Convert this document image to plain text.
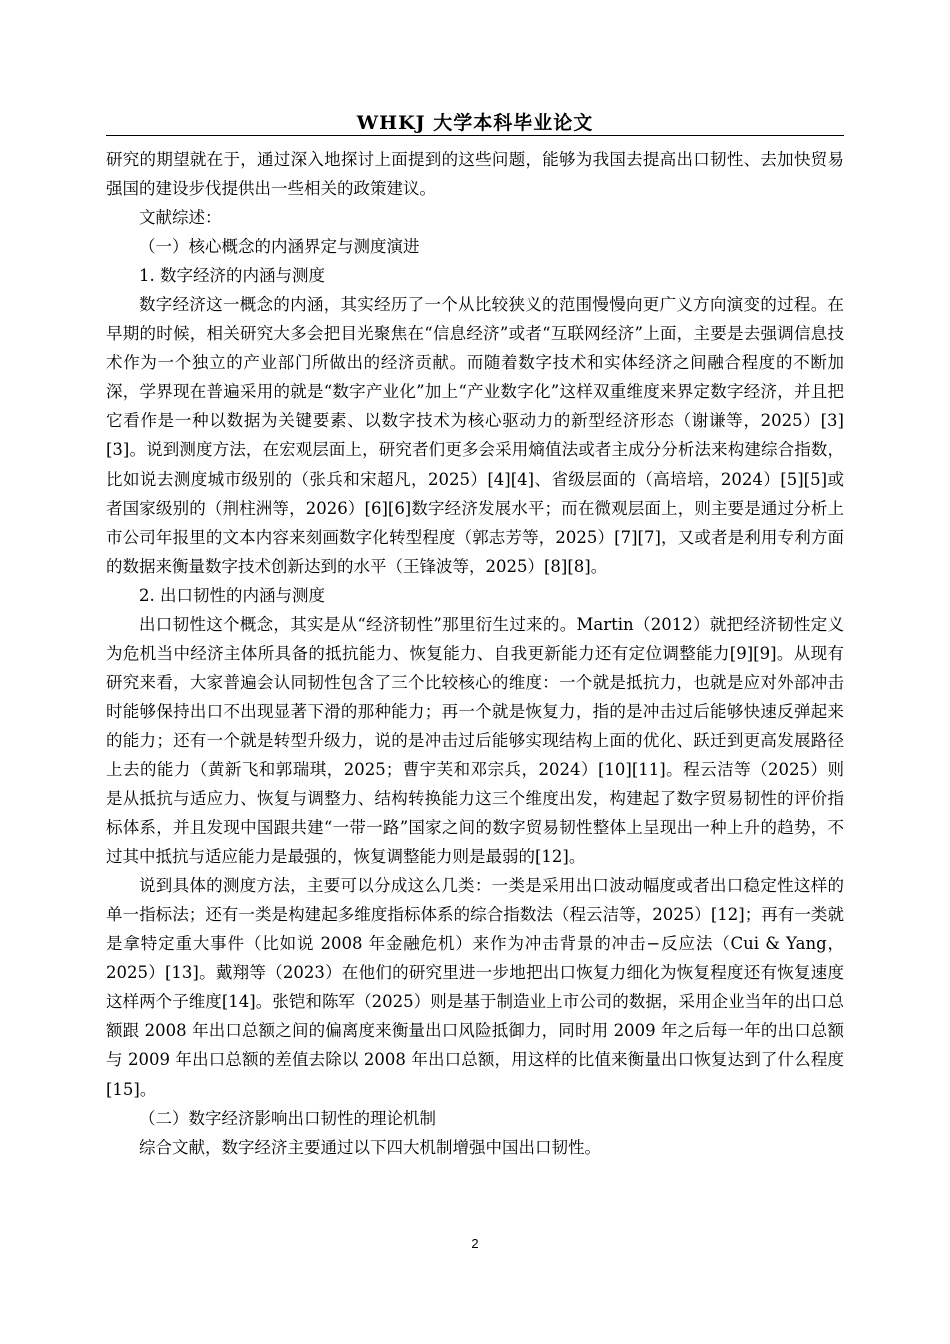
WHKJ 大学本科毕业论文

研究的期望就在于，通过深入地探讨上面提到的这些问题，能够为我国去提高出口韧性、去加快贸易强国的建设步伐提供出一些相关的政策建议。

文献综述：

（一）核心概念的内涵界定与测度演进

1. 数字经济的内涵与测度

数字经济这一概念的内涵，其实经历了一个从比较狭义的范围慢慢向更广义方向演变的过程。在早期的时候，相关研究大多会把目光聚焦在“信息经济”或者“互联网经济”上面，主要是去强调信息技术作为一个独立的产业部门所做出的经济贡献。而随着数字技术和实体经济之间融合程度的不断加深，学界现在普遍采用的就是“数字产业化”加上“产业数字化”这样双重维度来界定数字经济，并且把它看作是一种以数据为关键要素、以数字技术为核心驱动力的新型经济形态（谢谦等，2025）[3][3]。说到测度方法，在宏观层面上，研究者们更多会采用熵值法或者主成分分析法来构建综合指数，比如说去测度城市级别的（张兵和宋超凡，2025）[4][4]、省级层面的（高培培，2024）[5][5]或者国家级别的（荆柱洲等，2026）[6][6]数字经济发展水平；而在微观层面上，则主要是通过分析上市公司年报里的文本内容来刻画数字化转型程度（郭志芳等，2025）[7][7]，又或者是利用专利方面的数据来衡量数字技术创新达到的水平（王锋波等，2025）[8][8]。

2. 出口韧性的内涵与测度

出口韧性这个概念，其实是从“经济韧性”那里衍生过来的。Martin（2012）就把经济韧性定义为危机当中经济主体所具备的抵抗能力、恢复能力、自我更新能力还有定位调整能力[9][9]。从现有研究来看，大家普遍会认同韧性包含了三个比较核心的维度：一个就是抵抗力，也就是应对外部冲击时能够保持出口不出现显著下滑的那种能力；再一个就是恢复力，指的是冲击过后能够快速反弹起来的能力；还有一个就是转型升级力，说的是冲击过后能够实现结构上面的优化、跃迁到更高发展路径上去的能力（黄新飞和郭瑞琪，2025；曹宇芙和邓宗兵，2024）[10][11]。程云洁等（2025）则是从抵抗与适应力、恢复与调整力、结构转换能力这三个维度出发，构建起了数字贸易韧性的评价指标体系，并且发现中国跟共建“一带一路”国家之间的数字贸易韧性整体上呈现出一种上升的趋势，不过其中抵抗与适应能力是最强的，恢复调整能力则是最弱的[12]。

说到具体的测度方法，主要可以分成这么几类：一类是采用出口波动幅度或者出口稳定性这样的单一指标法；还有一类是构建起多维度指标体系的综合指数法（程云洁等，2025）[12]；再有一类就是拿特定重大事件（比如说 2008 年金融危机）来作为冲击背景的冲击−反应法（Cui & Yang，2025）[13]。戴翔等（2023）在他们的研究里进一步地把出口恢复力细化为恢复程度还有恢复速度这样两个子维度[14]。张铠和陈军（2025）则是基于制造业上市公司的数据，采用企业当年的出口总额跟 2008 年出口总额之间的偏离度来衡量出口风险抵御力，同时用 2009 年之后每一年的出口总额与 2009 年出口总额的差值去除以 2008 年出口总额，用这样的比值来衡量出口恢复达到了什么程度[15]。

（二）数字经济影响出口韧性的理论机制

综合文献，数字经济主要通过以下四大机制增强中国出口韧性。

2
